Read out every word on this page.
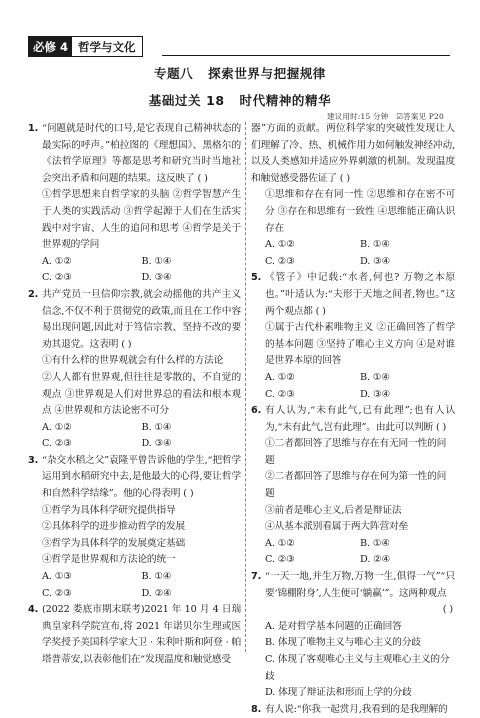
必修 4 哲学与文化
专题八   探索世界与把握规律
基础过关 18   时代精神的精华
建议用时:15 分钟   ☑答案见 P20
1. “问题就是时代的口号,是它表现自己精神状态的最实际的呼声。”柏拉图的《理想国》、黑格尔的《法哲学原理》等都是思考和研究当时当地社会突出矛盾和问题的结果。这反映了 ( )
①哲学思想来自哲学家的头脑 ②哲学智慧产生于人类的实践活动 ③哲学起源于人们在生活实践中对宇宙、人生的追问和思考 ④哲学是关于世界观的学问
A. ①②	B. ①④
C. ②③	D. ③④
2. 共产党员一旦信仰宗教,就会动摇他的共产主义信念,不仅不利于贯彻党的政策,而且在工作中容易出现问题,因此对于笃信宗教、坚持不改的要劝其退党。这表明 ( )
①有什么样的世界观就会有什么样的方法论
②人人都有世界观,但往往是零散的、不自觉的观点 ③世界观是人们对世界总的看法和根本观点 ④世界观和方法论密不可分
A. ①②	B. ①④
C. ②③	D. ③④
3. “杂交水稻之父”袁隆平曾告诉他的学生,“把哲学运用到水稻研究中去,是他最大的心得,要让哲学和自然科学结缘”。他的心得表明 ( )
①哲学为具体科学研究提供指导
②具体科学的进步推动哲学的发展
③哲学为具体科学的发展奠定基础
④哲学是世界观和方法论的统一
A. ①③	B. ①④
C. ②③	D. ②④
4. (2022 娄底市期末联考)2021 年 10 月 4 日瑞典皇家科学院宣布,将 2021 年诺贝尔生理或医学奖授予美国科学家大卫 · 朱利叶斯和阿登 · 帕塔普蒂安,以表彰他们在“发现温度和触觉感受
器”方面的贡献。两位科学家的突破性发现让人们理解了冷、热、机械作用力如何触发神经冲动,以及人类感知并适应外界刺激的机制。发现温度和触觉感受器佐证了 ( )
①思维和存在有同一性 ②思维和存在密不可分 ③存在和思维有一致性 ④思维能正确认识存在
A. ①②	B. ①④
C. ②③	D. ③④
5. 《管子》中记载:“水者,何也? 万物之本原也。”叶适认为:“夫形于天地之间者,物也。”这两个观点都 ( )
①属于古代朴素唯物主义 ②正确回答了哲学的基本问题 ③坚持了唯心主义方向 ④是对谁是世界本原的回答
A. ①②	B. ①④
C. ②③	D. ③④
6. 有人认为,“未有此气,已有此理”;也有人认为,“未有此气,岂有此理”。由此可以判断 ( )
①二者都回答了思维与存在有无同一性的问题
②二者都回答了思维与存在何为第一性的问题
③前者是唯心主义,后者是辩证法
④从基本派别看属于两大阵营对垒
A. ①②	B. ①④
C. ②③	D. ②④
7. “一天一地,并生万物,万物一生,俱得一气”“只要‘锦棚附身’,人生便可‘躺赢’”。这两种观点
( )
A. 是对哲学基本问题的正确回答
B. 体现了唯物主义与唯心主义的分歧
C. 体现了客观唯心主义与主观唯心主义的分歧
D. 体现了辩证法和形而上学的分歧
8. 有人说:“你我一起赏月,我看到的是我理解的
